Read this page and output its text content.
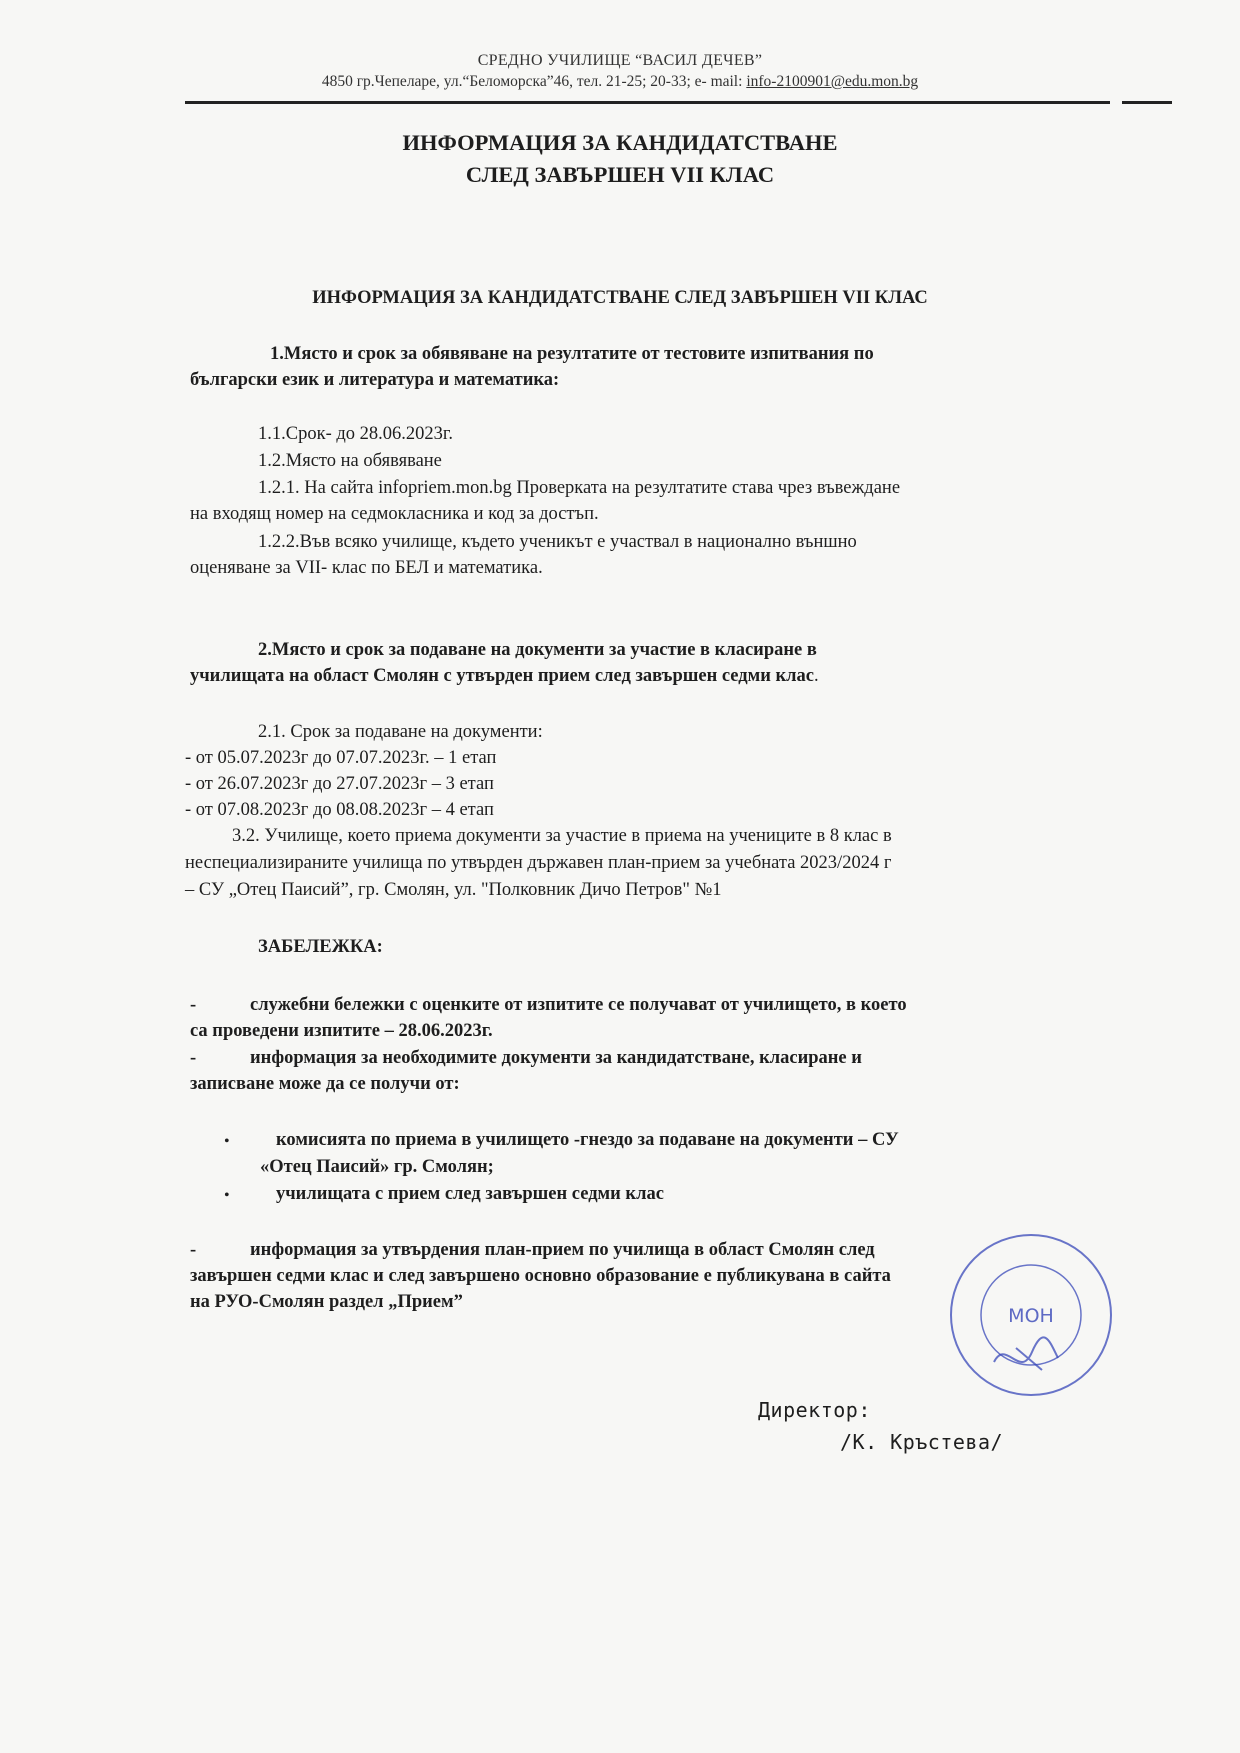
СРЕДНО УЧИЛИЩЕ “ВАСИЛ ДЕЧЕВ”
4850 гр.Чепеларе, ул.“Беломорска”46, тел. 21-25; 20-33; e- mail: info-2100901@edu.mon.bg
ИНФОРМАЦИЯ ЗА КАНДИДАТСТВАНЕ
СЛЕД ЗАВЪРШЕН VII КЛАС
ИНФОРМАЦИЯ ЗА КАНДИДАТСТВАНЕ СЛЕД ЗАВЪРШЕН VII КЛАС
1.Място и срок за обявяване на резултатите от тестовите изпитвания по
български език и литература и математика:
1.1.Срок- до 28.06.2023г.
1.2.Място на обявяване
1.2.1. На сайта infopriem.mon.bg Проверката на резултатите става чрез въвеждане
на входящ номер на седмокласника и код за достъп.
1.2.2.Във всяко училище, където ученикът е участвал в национално външно
оценяване за VII- клас по БЕЛ и математика.
2.Място и срок за подаване на документи за участие в класиране в
училищата на област Смолян с утвърден прием след завършен седми клас.
2.1. Срок за подаване на документи:
- от 05.07.2023г до 07.07.2023г. – 1 етап
- от 26.07.2023г до 27.07.2023г – 3 етап
- от 07.08.2023г до 08.08.2023г – 4 етап
3.2. Училище, което приема документи за участие в приема на учениците в 8 клас в
неспециализираните училища по утвърден държавен план-прием за учебната 2023/2024 г
– СУ „Отец Паисий”, гр. Смолян, ул. "Полковник Дичо Петров" №1
ЗАБЕЛЕЖКА:
-	служебни бележки с оценките от изпитите се получават от училището, в което
са проведени изпитите – 28.06.2023г.
-	информация за необходимите документи за кандидатстване, класиране и
записване може да се получи от:
•	комисията по приема в училището -гнездо за подаване на документи – СУ
«Отец Паисий» гр. Смолян;
•	училищата с прием след завършен седми клас
-	информация за утвърдения план-прием по училища в област Смолян след
завършен седми клас и след завършено основно образование е публикувана в сайта
на РУО-Смолян раздел „Прием”
МОН
Директор:
/К. Кръстева/
